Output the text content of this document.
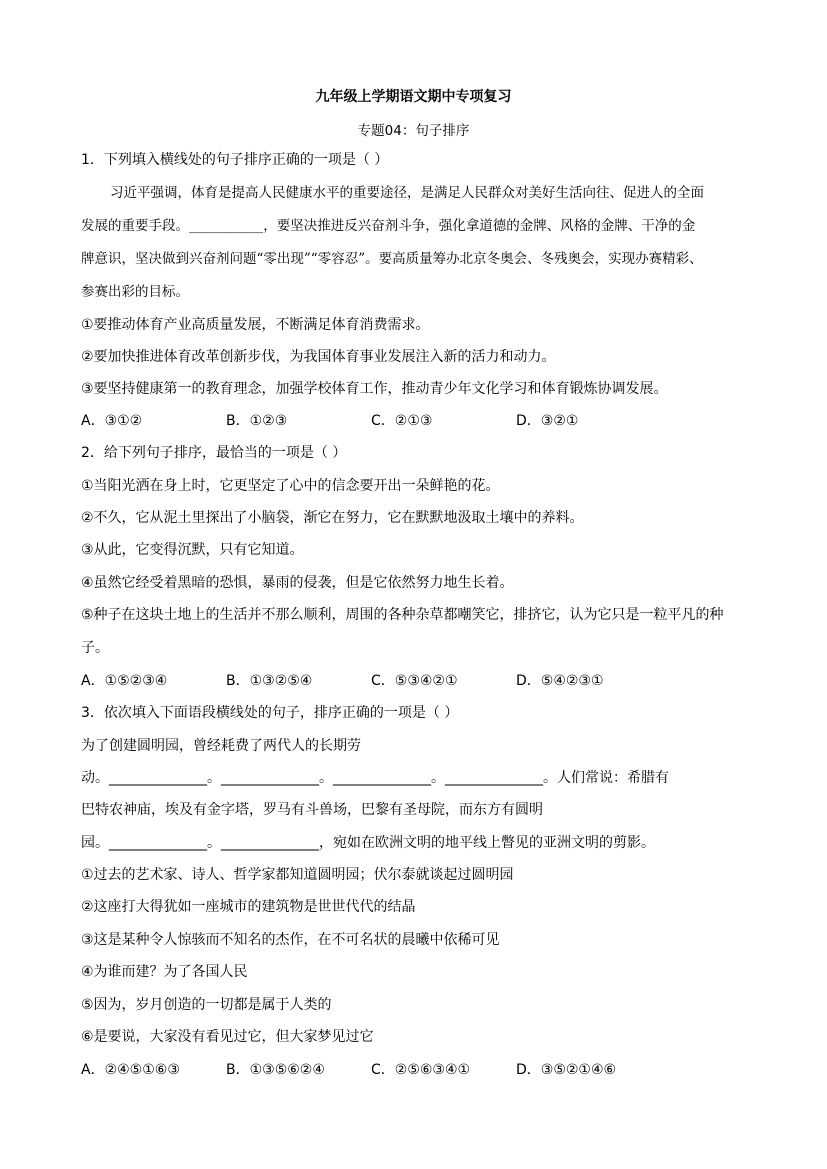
九年级上学期语文期中专项复习
专题04：句子排序
1．下列填入横线处的句子排序正确的一项是（ ）
习近平强调，体育是提高人民健康水平的重要途径，是满足人民群众对美好生活向往、促进人的全面
发展的重要手段。___________，要坚决推进反兴奋剂斗争，强化拿道德的金牌、风格的金牌、干净的金
牌意识，坚决做到兴奋剂问题“零出现”“零容忍”。要高质量筹办北京冬奥会、冬残奥会，实现办赛精彩、
参赛出彩的目标。
①要推动体育产业高质量发展，不断满足体育消费需求。
②要加快推进体育改革创新步伐，为我国体育事业发展注入新的活力和动力。
③要坚持健康第一的教育理念，加强学校体育工作，推动青少年文化学习和体育锻炼协调发展。
A．③①②	B．①②③	C．②①③	D．③②①
2．给下列句子排序，最恰当的一项是（ ）
①当阳光洒在身上时，它更坚定了心中的信念要开出一朵鲜艳的花。
②不久，它从泥土里探出了小脑袋，渐它在努力，它在默默地汲取土壤中的养料。
③从此，它变得沉默，只有它知道。
④虽然它经受着黑暗的恐惧，暴雨的侵袭，但是它依然努力地生长着。
⑤种子在这块土地上的生活并不那么顺利，周围的各种杂草都嘲笑它，排挤它，认为它只是一粒平凡的种
子。
A．①⑤②③④	B．①③②⑤④	C．⑤③④②①	D．⑤④②③①
3．依次填入下面语段横线处的句子，排序正确的一项是（ ）
为了创建圆明园，曾经耗费了两代人的长期劳
动。______________。______________。______________。______________。人们常说：希腊有
巴特农神庙，埃及有金字塔，罗马有斗兽场，巴黎有圣母院，而东方有圆明
园。______________。______________，宛如在欧洲文明的地平线上瞥见的亚洲文明的剪影。
①过去的艺术家、诗人、哲学家都知道圆明园；伏尔泰就谈起过圆明园
②这座打大得犹如一座城市的建筑物是世世代代的结晶
③这是某种令人惊骇而不知名的杰作，在不可名状的晨曦中依稀可见
④为谁而建？为了各国人民
⑤因为，岁月创造的一切都是属于人类的
⑥是要说，大家没有看见过它，但大家梦见过它
A．②④⑤①⑥③	B．①③⑤⑥②④	C．②⑤⑥③④①	D．③⑤②①④⑥
